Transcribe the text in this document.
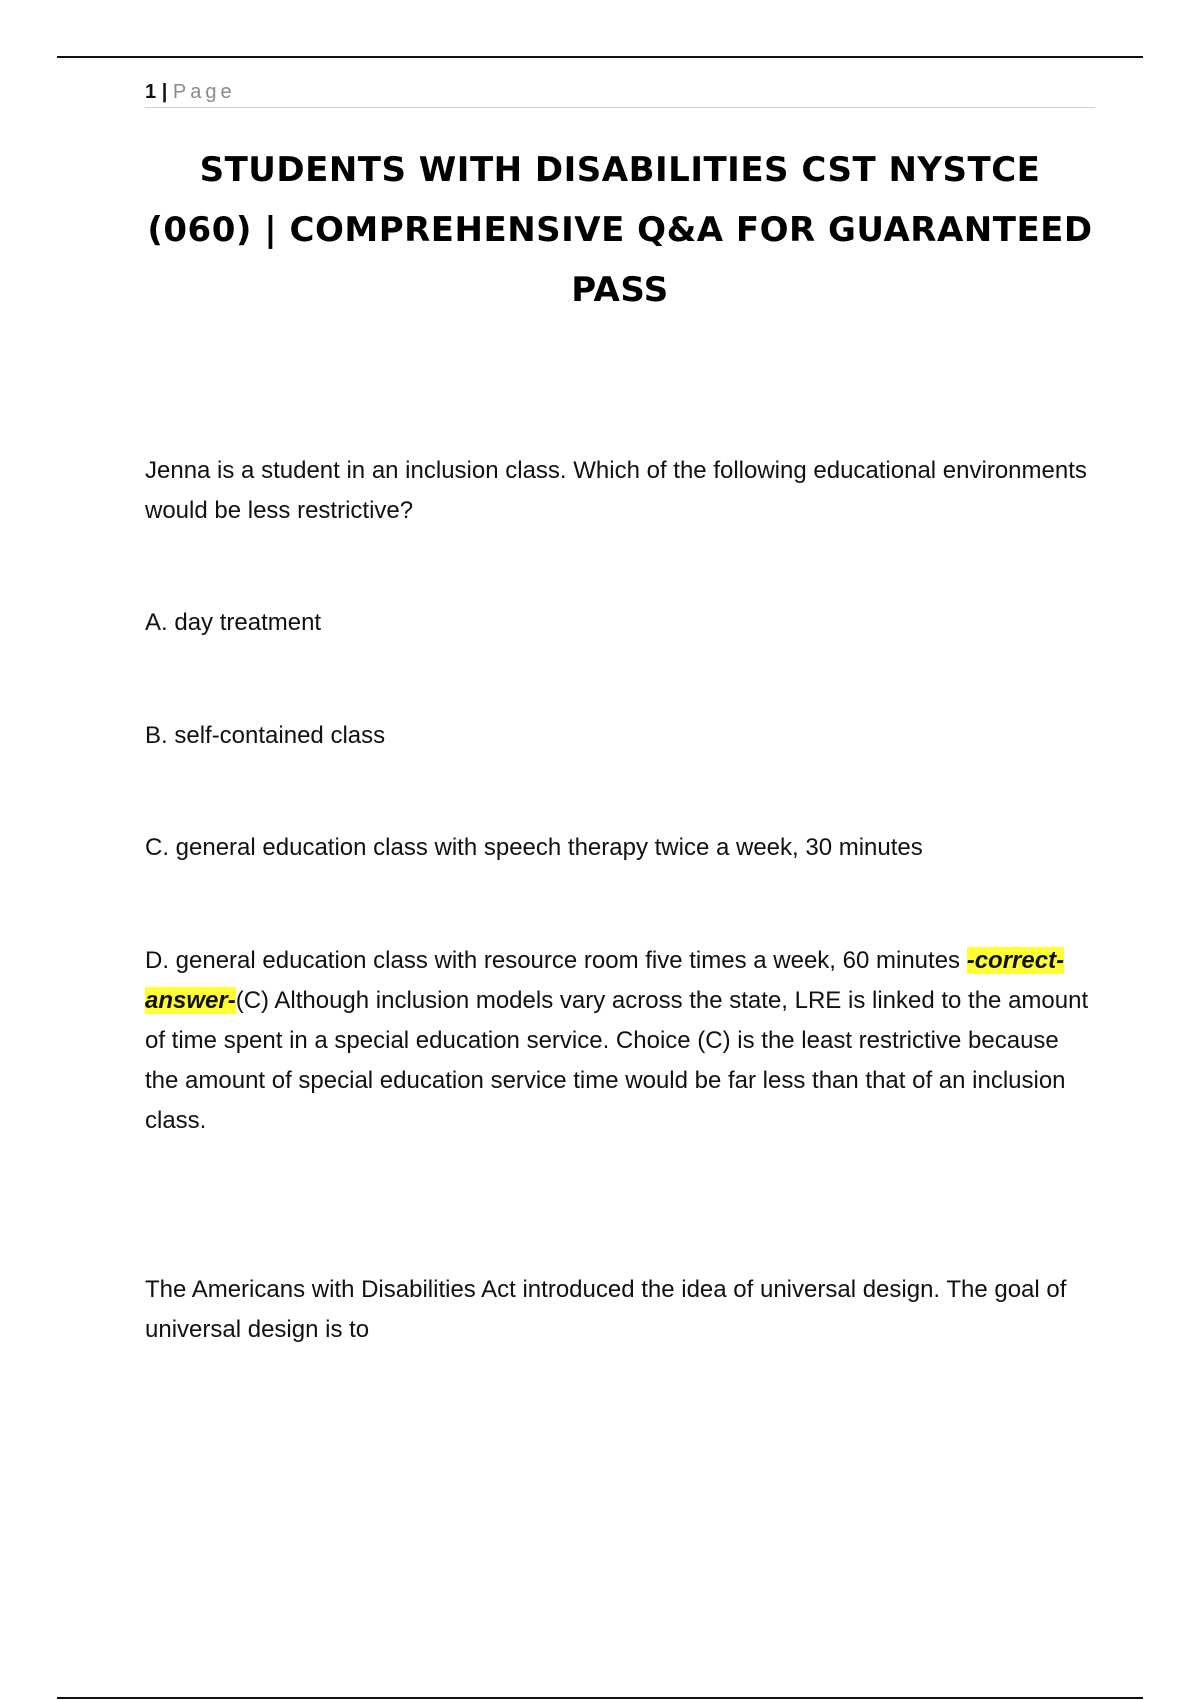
1 | Page
STUDENTS WITH DISABILITIES CST NYSTCE (060) | COMPREHENSIVE Q&A FOR GUARANTEED PASS

Jenna is a student in an inclusion class. Which of the following educational environments would be less restrictive?

A. day treatment

B. self-contained class

C. general education class with speech therapy twice a week, 30 minutes

D. general education class with resource room five times a week, 60 minutes -correct-answer-(C) Although inclusion models vary across the state, LRE is linked to the amount of time spent in a special education service. Choice (C) is the least restrictive because the amount of special education service time would be far less than that of an inclusion class.

The Americans with Disabilities Act introduced the idea of universal design. The goal of universal design is to
